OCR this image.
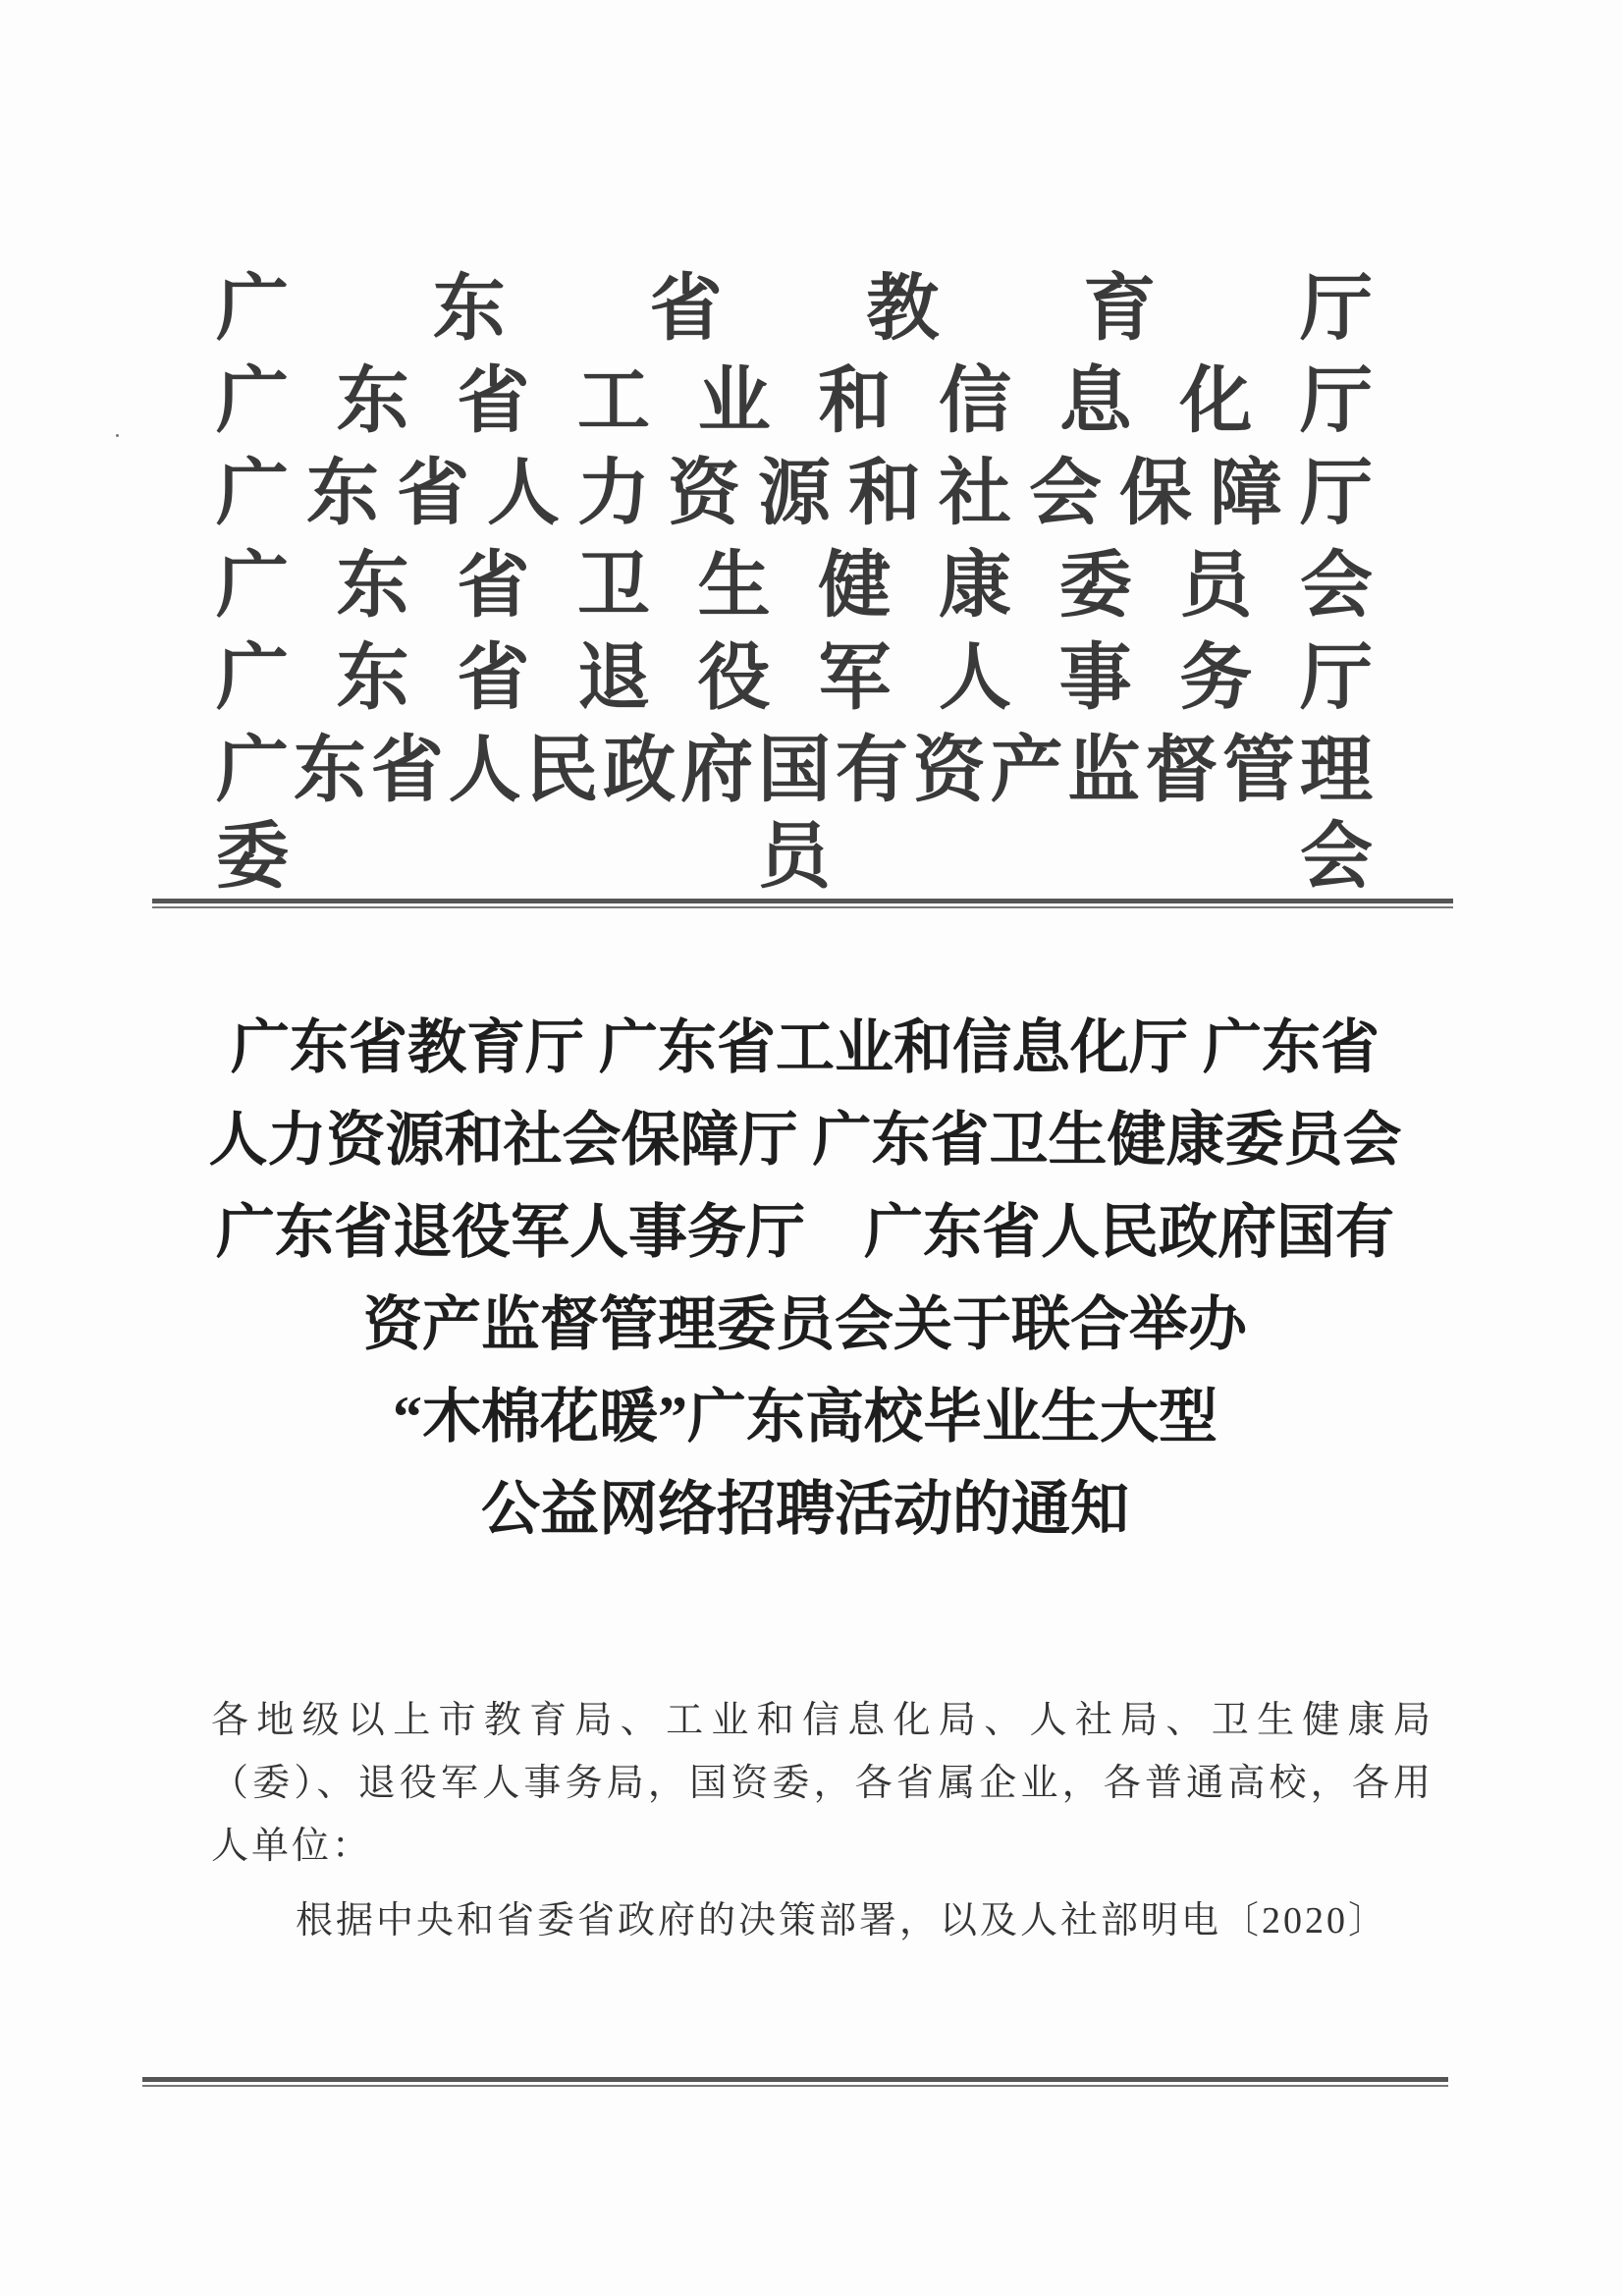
广 东 省 教 育 厅
广东省工业和信息化厅
广东省人力资源和社会保障厅
广东省卫生健康委员会
广东省退役军人事务厅
广东省人民政府国有资产监督管理委员会
广东省教育厅 广东省工业和信息化厅 广东省
人力资源和社会保障厅 广东省卫生健康委员会
广东省退役军人事务厅　广东省人民政府国有
资产监督管理委员会关于联合举办
“木棉花暖”广东高校毕业生大型
公益网络招聘活动的通知

各地级以上市教育局、工业和信息化局、人社局、卫生健康局（委）、退役军人事务局，国资委，各省属企业，各普通高校，各用人单位：

根据中央和省委省政府的决策部署，以及人社部明电〔2020〕
